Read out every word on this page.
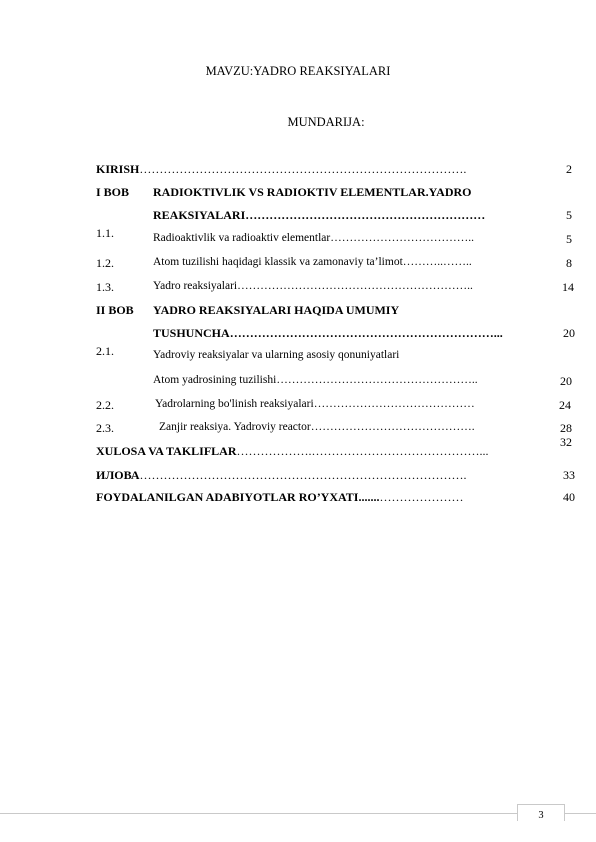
MAVZU:YADRO REAKSIYALARI
MUNDARIJA:
KIRISH……………………………………………………………………….	2
I BOB RADIOKTIVLIK VS RADIOKTIV ELEMENTLAR.YADRO
REAKSIYALARI……………………………………………………	5
1.1.	Radioaktivlik va radioaktiv elementlar………………………………..	5
1.2.	Atom tuzilishi haqidagi klassik va zamonaviy ta’limot………..……..	8
1.3.	Yadro reaksiyalari……………………………………………………..	14
II BOB YADRO REAKSIYALARI HAQIDA UMUMIY
TUSHUNCHA…………………………………………………………...	20
2.1.	Yadroviy reaksiyalar va ularning asosiy qonuniyatlari
Atom yadrosining tuzilishi……………………………………………..	20
2.2.	Yadrolarning bo'linish reaksiyalari……………………………………	24
2.3.	Zanjir reaksiya. Yadroviy reactor…………………………………….	28
XULOSA VA TAKLIFLAR……………….……………………………………...
32
ИЛОВА……………………………………………………………………….	33
FOYDALANILGAN ADABIYOTLAR RO’YXATI.......…………………	40
3
